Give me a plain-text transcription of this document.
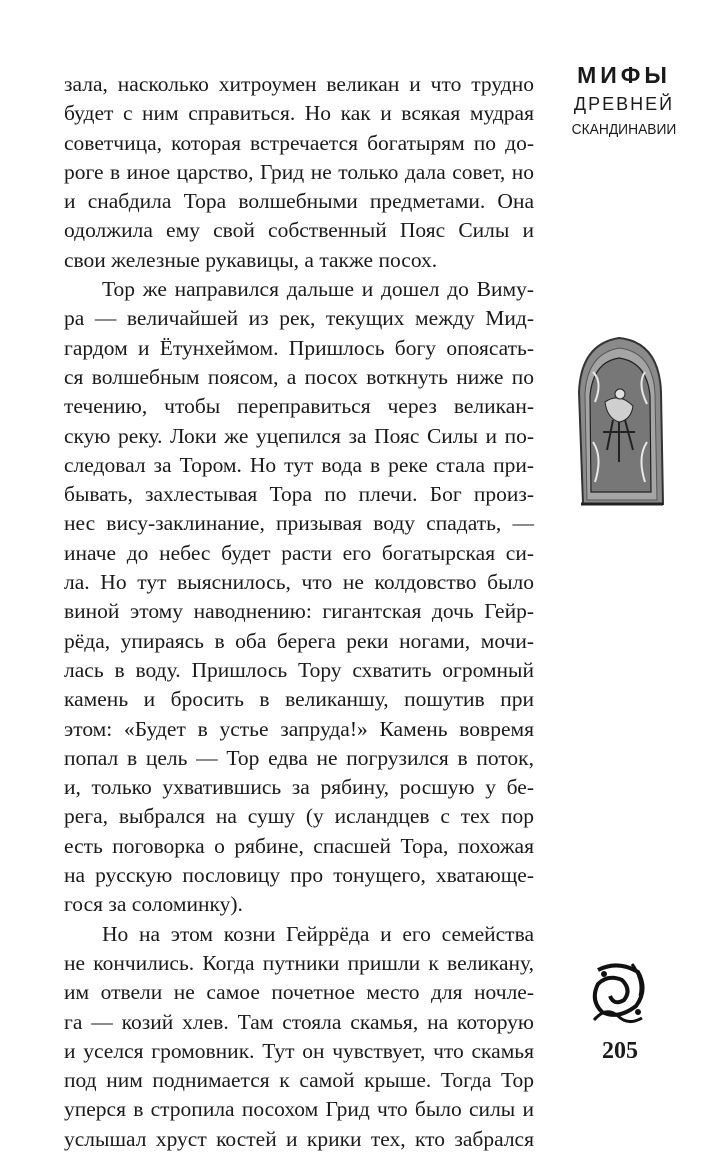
зала, насколько хитроумен великан и что трудно
будет с ним справиться. Но как и всякая мудрая
советчица, которая встречается богатырям по до-
роге в иное царство, Грид не только дала совет, но
и снабдила Тора волшебными предметами. Она
одолжила ему свой собственный Пояс Силы и
свои железные рукавицы, а также посох.
Тор же направился дальше и дошел до Виму-
ра — величайшей из рек, текущих между Мид-
гардом и Ётунхеймом. Пришлось богу опоясать-
ся волшебным поясом, а посох воткнуть ниже по
течению, чтобы переправиться через великан-
скую реку. Локи же уцепился за Пояс Силы и по-
следовал за Тором. Но тут вода в реке стала при-
бывать, захлестывая Тора по плечи. Бог произ-
нес вису-заклинание, призывая воду спадать, —
иначе до небес будет расти его богатырская си-
ла. Но тут выяснилось, что не колдовство было
виной этому наводнению: гигантская дочь Гейр-
рёда, упираясь в оба берега реки ногами, мочи-
лась в воду. Пришлось Тору схватить огромный
камень и бросить в великаншу, пошутив при
этом: «Будет в устье запруда!» Камень вовремя
попал в цель — Тор едва не погрузился в поток,
и, только ухватившись за рябину, росшую у бе-
рега, выбрался на сушу (у исландцев с тех пор
есть поговорка о рябине, спасшей Тора, похожая
на русскую пословицу про тонущего, хватающе-
гося за соломинку).
Но на этом козни Гейррёда и его семейства
не кончились. Когда путники пришли к великану,
им отвели не самое почетное место для ночле-
га — козий хлев. Там стояла скамья, на которую
и уселся громовник. Тут он чувствует, что скамья
под ним поднимается к самой крыше. Тогда Тор
уперся в стропила посохом Грид что было силы и
услышал хруст костей и крики тех, кто забрался
МИФЫ
ДРЕВНЕЙ
СКАНДИНАВИИ
205
